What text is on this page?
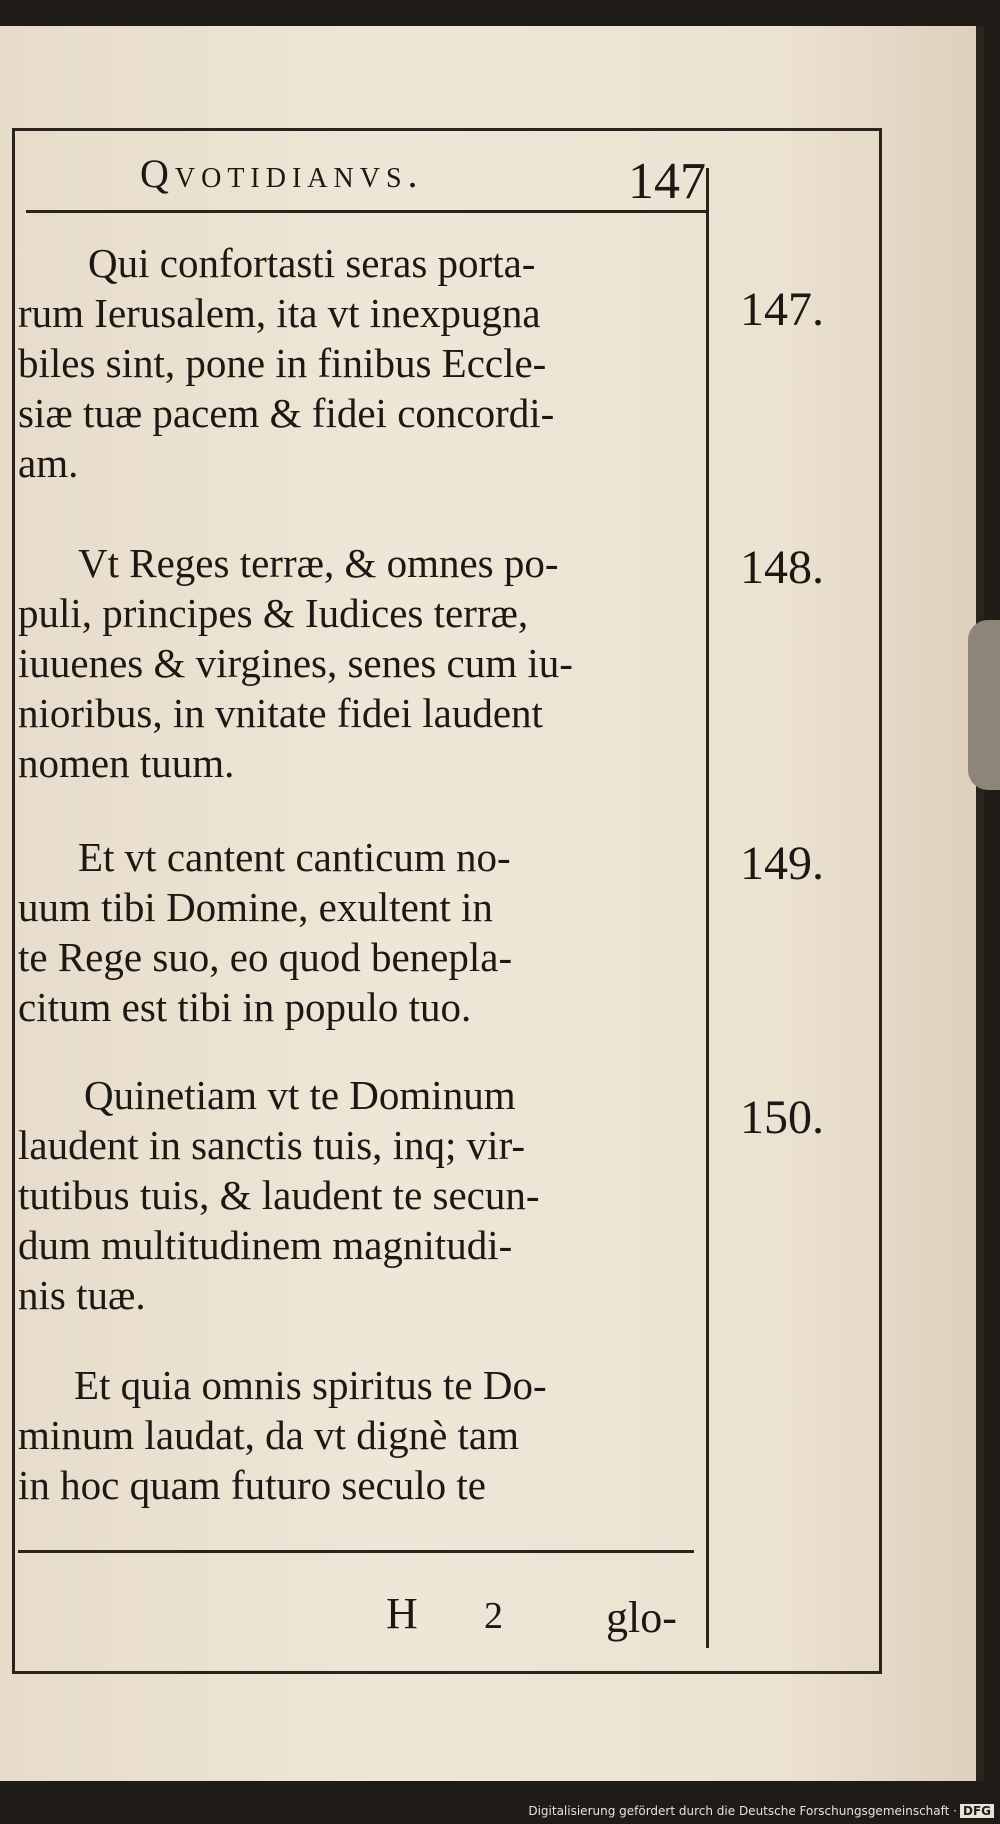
Qvotidianvs.	147
Qui confortasti seras porta-
rum Ierusalem, ita vt inexpugna
biles sint, pone in finibus Eccle-
siæ tuæ pacem & fidei concordi-
am.
147.
Vt Reges terræ, & omnes po-
puli, principes & Iudices terræ,
iuuenes & virgines, senes cum iu-
nioribus, in vnitate fidei laudent
nomen tuum.
148.
Et vt cantent canticum no-
uum tibi Domine, exultent in
te Rege suo, eo quod benepla-
citum est tibi in populo tuo.
149.
Quinetiam vt te Dominum
laudent in sanctis tuis, inq; vir-
tutibus tuis, & laudent te secun-
dum multitudinem magnitudi-
nis tuæ.
150.
Et quia omnis spiritus te Do-
minum laudat, da vt dignè tam
in hoc quam futuro seculo te
H 2 glo-
Digitalisierung gefördert durch die Deutsche Forschungsgemeinschaft · DFG
